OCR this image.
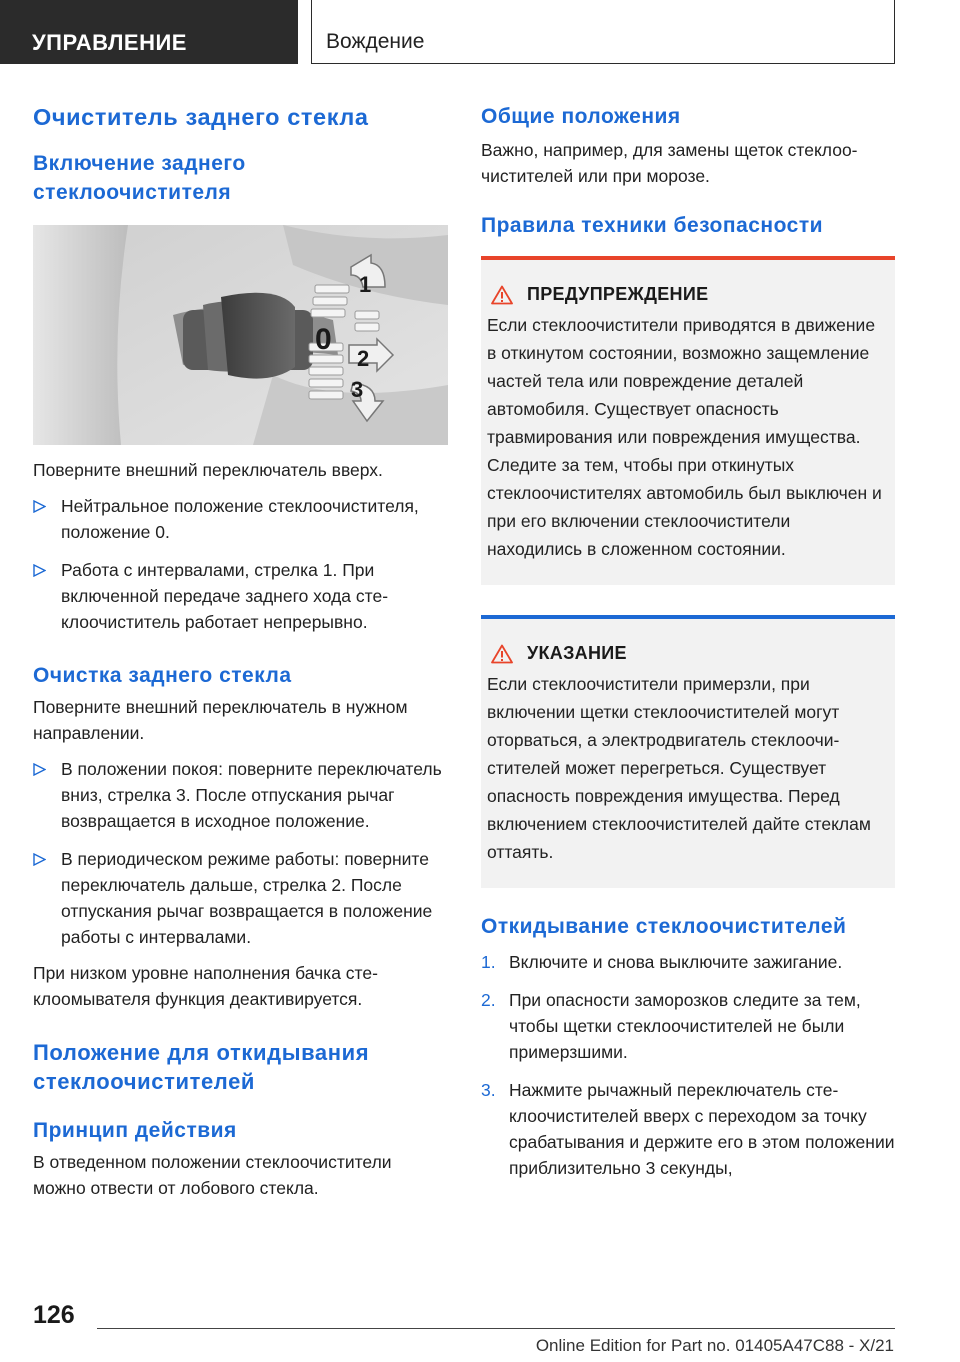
УПРАВЛЕНИЕ	Вождение
Очиститель заднего стекла
Включение заднего стеклоочистителя
1
0
2
3

Поверните внешний переключатель вверх.

Нейтральное положение стеклоочистителя, положение 0.
Работа с интервалами, стрелка 1. При включенной передаче заднего хода стеклоочиститель работает непрерывно.
Очистка заднего стекла

Поверните внешний переключатель в нужном направлении.

В положении покоя: поверните переключатель вниз, стрелка 3. После отпускания рычаг возвращается в исходное положение.
В периодическом режиме работы: поверните переключатель дальше, стрелка 2. После отпускания рычаг возвращается в положение работы с интервалами.

При низком уровне наполнения бачка стеклоомывателя функция деактивируется.

Положение для откидывания стеклоочистителей
Принцип действия

В отведенном положении стеклоочистители можно отвести от лобового стекла.

Общие положения

Важно, например, для замены щеток стеклоочистителей или при морозе.

Правила техники безопасности
ПРЕДУПРЕЖДЕНИЕ

Если стеклоочистители приводятся в движение в откинутом состоянии, возможно защемление частей тела или повреждение деталей автомобиля. Существует опасность травмирования или повреждения имущества. Следите за тем, чтобы при откинутых стеклоочистителях автомобиль был выключен и при его включении стеклоочистители находились в сложенном состоянии.

УКАЗАНИЕ

Если стеклоочистители примерзли, при включении щетки стеклоочистителей могут оторваться, а электродвигатель стеклоочистителей может перегреться. Существует опасность повреждения имущества. Перед включением стеклоочистителей дайте стеклам оттаять.

Откидывание стеклоочистителей
1. Включите и снова выключите зажигание.
2. При опасности заморозков следите за тем, чтобы щетки стеклоочистителей не были примерзшими.
3. Нажмите рычажный переключатель стеклоочистителей вверх с переходом за точку срабатывания и держите его в этом положении приблизительно 3 секунды,
126
Online Edition for Part no. 01405A47C88 - X/21
